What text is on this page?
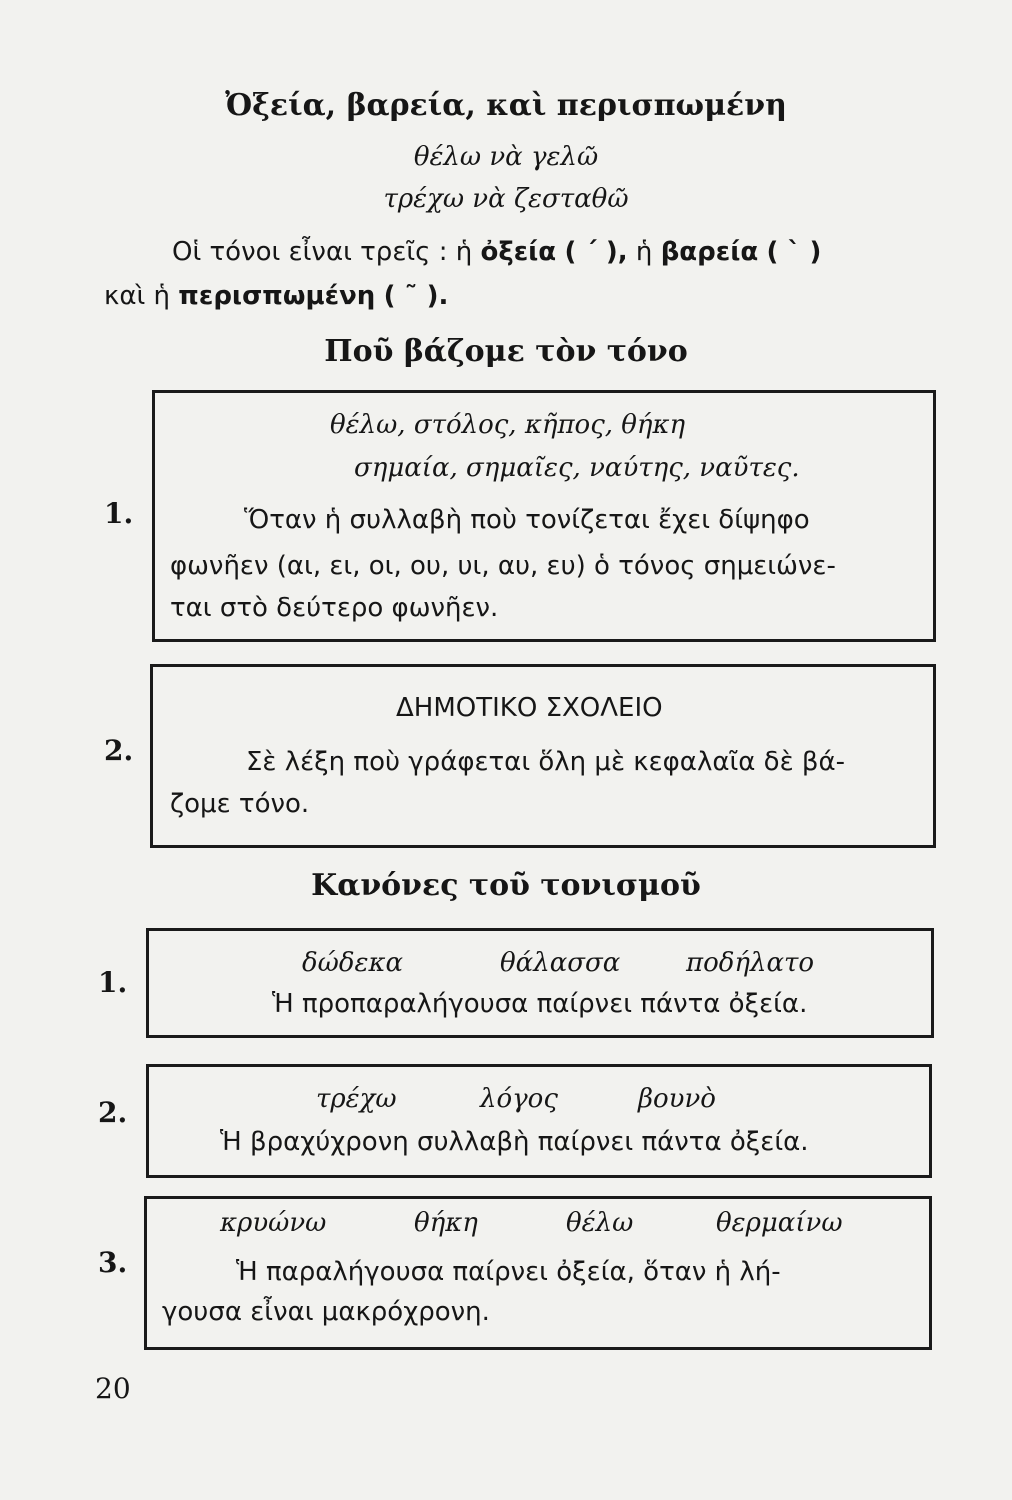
Ὀξεία, βαρεία, καὶ περισπωμένη
θέλω νὰ γελῶ
τρέχω νὰ ζεσταθῶ
Οἱ τόνοι εἶναι τρεῖς : ἡ ὀξεία ( ΄ ), ἡ βαρεία ( ` )
καὶ ἡ περισπωμένη ( ῀ ).
Ποῦ βάζομε τὸν τόνο
θέλω, στόλος, κῆπος, θήκη
σημαία, σημαῖες, ναύτης, ναῦτες.
1.	Ὅταν ἡ συλλαβὴ ποὺ τονίζεται ἔχει δίψηφο
φωνῆεν (αι, ει, οι, ου, υι, αυ, ευ) ὁ τόνος σημειώνε-
ται στὸ δεύτερο φωνῆεν.
ΔΗΜΟΤΙΚΟ ΣΧΟΛΕΙΟ
2.	Σὲ λέξη ποὺ γράφεται ὅλη μὲ κεφαλαῖα δὲ βά-
ζομε τόνο.
Κανόνες τοῦ τονισμοῦ
1.
δώδεκα	θάλασσα	ποδήλατο
Ἡ προπαραλήγουσα παίρνει πάντα ὀξεία.
2.	τρέχω	λόγος	βουνὸ
Ἡ βραχύχρονη συλλαβὴ παίρνει πάντα ὀξεία.
3.
κρυώνω	θήκη	θέλω	θερμαίνω
Ἡ παραλήγουσα παίρνει ὀξεία, ὅταν ἡ λή-
γουσα εἶναι μακρόχρονη.
20
